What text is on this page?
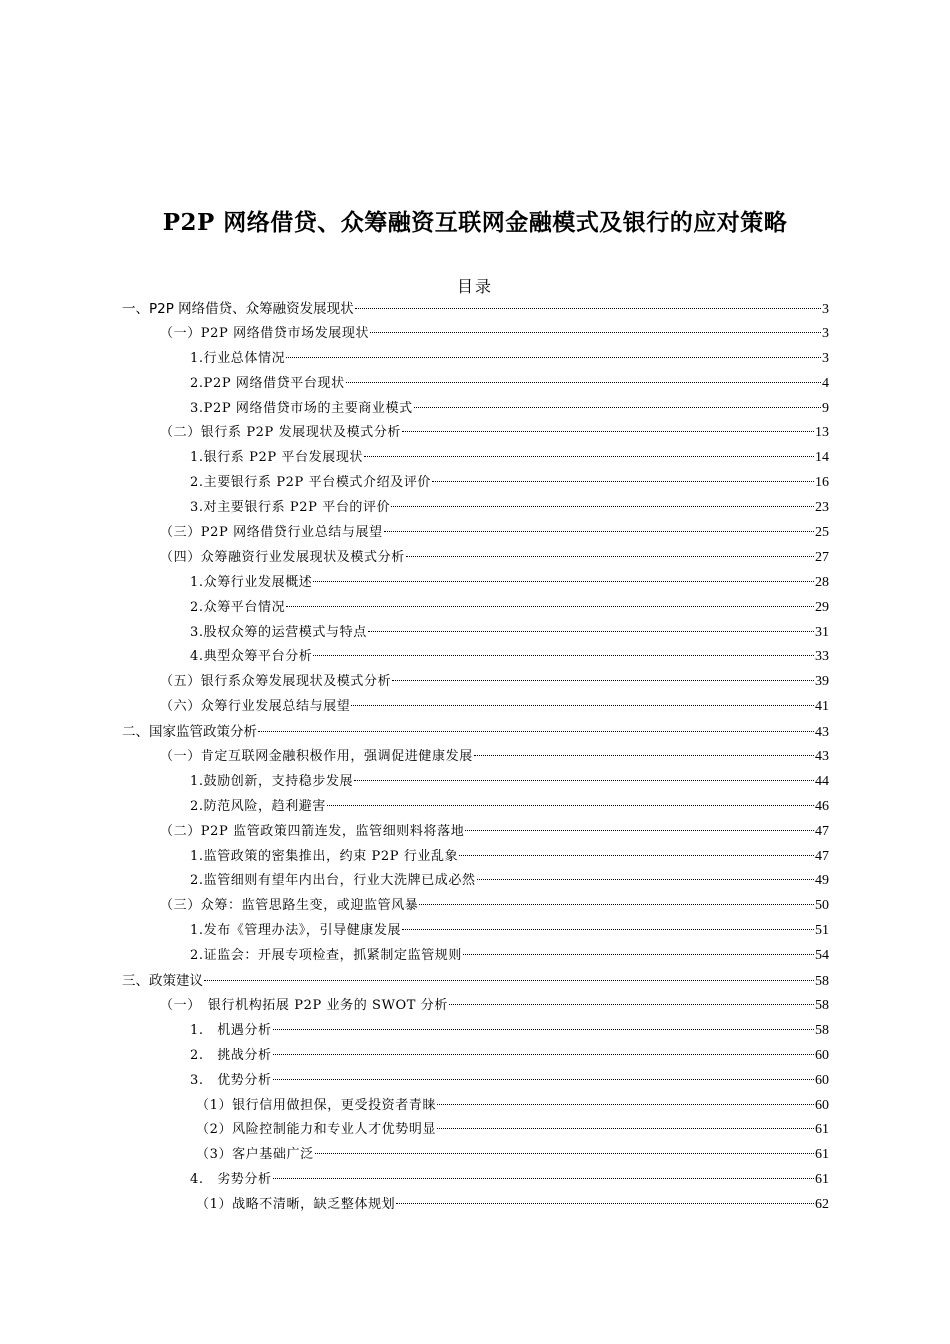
P2P 网络借贷、众筹融资互联网金融模式及银行的应对策略
目录
一、P2P 网络借贷、众筹融资发展现状	3
（一）P2P 网络借贷市场发展现状	3
1.行业总体情况	3
2.P2P 网络借贷平台现状	4
3.P2P 网络借贷市场的主要商业模式	9
（二）银行系 P2P 发展现状及模式分析	13
1.银行系 P2P 平台发展现状	14
2.主要银行系 P2P 平台模式介绍及评价	16
3.对主要银行系 P2P 平台的评价	23
（三）P2P 网络借贷行业总结与展望	25
（四）众筹融资行业发展现状及模式分析	27
1.众筹行业发展概述	28
2.众筹平台情况	29
3.股权众筹的运营模式与特点	31
4.典型众筹平台分析	33
（五）银行系众筹发展现状及模式分析	39
（六）众筹行业发展总结与展望	41
二、国家监管政策分析	43
（一）肯定互联网金融积极作用，强调促进健康发展	43
1.鼓励创新，支持稳步发展	44
2.防范风险，趋利避害	46
（二）P2P 监管政策四箭连发，监管细则料将落地	47
1.监管政策的密集推出，约束 P2P 行业乱象	47
2.监管细则有望年内出台，行业大洗牌已成必然	49
（三）众筹：监管思路生变，或迎监管风暴	50
1.发布《管理办法》，引导健康发展	51
2.证监会：开展专项检查，抓紧制定监管规则	54
三、政策建议	58
（一）　银行机构拓展 P2P 业务的 SWOT 分析	58
1.　机遇分析	58
2.　挑战分析	60
3.　优势分析	60
（1）银行信用做担保，更受投资者青睐	60
（2）风险控制能力和专业人才优势明显	61
（3）客户基础广泛	61
4.　劣势分析	61
（1）战略不清晰，缺乏整体规划	62
